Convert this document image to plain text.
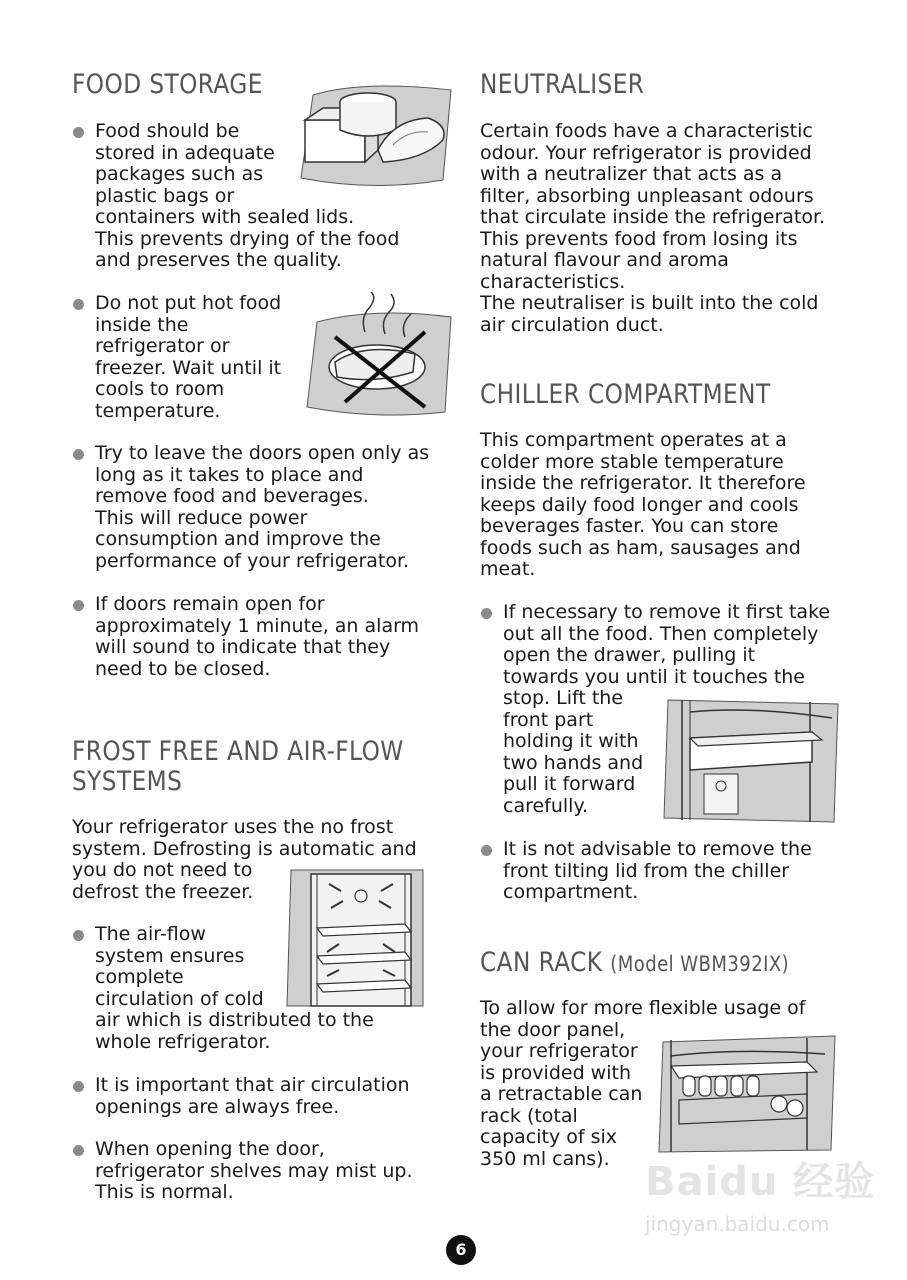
FOOD STORAGE
Food should be
stored in adequate
packages such as
plastic bags or
containers with sealed lids.
This prevents drying of the food
and preserves the quality.
Do not put hot food
inside the
refrigerator or
freezer. Wait until it
cools to room
temperature.
Try to leave the doors open only as
long as it takes to place and
remove food and beverages.
This will reduce power
consumption and improve the
performance of your refrigerator.
If doors remain open for
approximately 1 minute, an alarm
will sound to indicate that they
need to be closed.
FROST FREE AND AIR-FLOW
SYSTEMS
Your refrigerator uses the no frost
system. Defrosting is automatic and
you do not need to
defrost the freezer.
The air-flow
system ensures
complete
circulation of cold
air which is distributed to the
whole refrigerator.
It is important that air circulation
openings are always free.
When opening the door,
refrigerator shelves may mist up.
This is normal.
NEUTRALISER
Certain foods have a characteristic
odour. Your refrigerator is provided
with a neutralizer that acts as a
filter, absorbing unpleasant odours
that circulate inside the refrigerator.
This prevents food from losing its
natural flavour and aroma
characteristics.
The neutraliser is built into the cold
air circulation duct.
CHILLER COMPARTMENT
This compartment operates at a
colder more stable temperature
inside the refrigerator. It therefore
keeps daily food longer and cools
beverages faster. You can store
foods such as ham, sausages and
meat.
If necessary to remove it first take
out all the food. Then completely
open the drawer, pulling it
towards you until it touches the
stop. Lift the
front part
holding it with
two hands and
pull it forward
carefully.
It is not advisable to remove the
front tilting lid from the chiller
compartment.
CAN RACK (Model WBM392IX)
To allow for more flexible usage of
the door panel,
your refrigerator
is provided with
a retractable can
rack (total
capacity of six
350 ml cans).
Baidu 经验
jingyan.baidu.com
6
